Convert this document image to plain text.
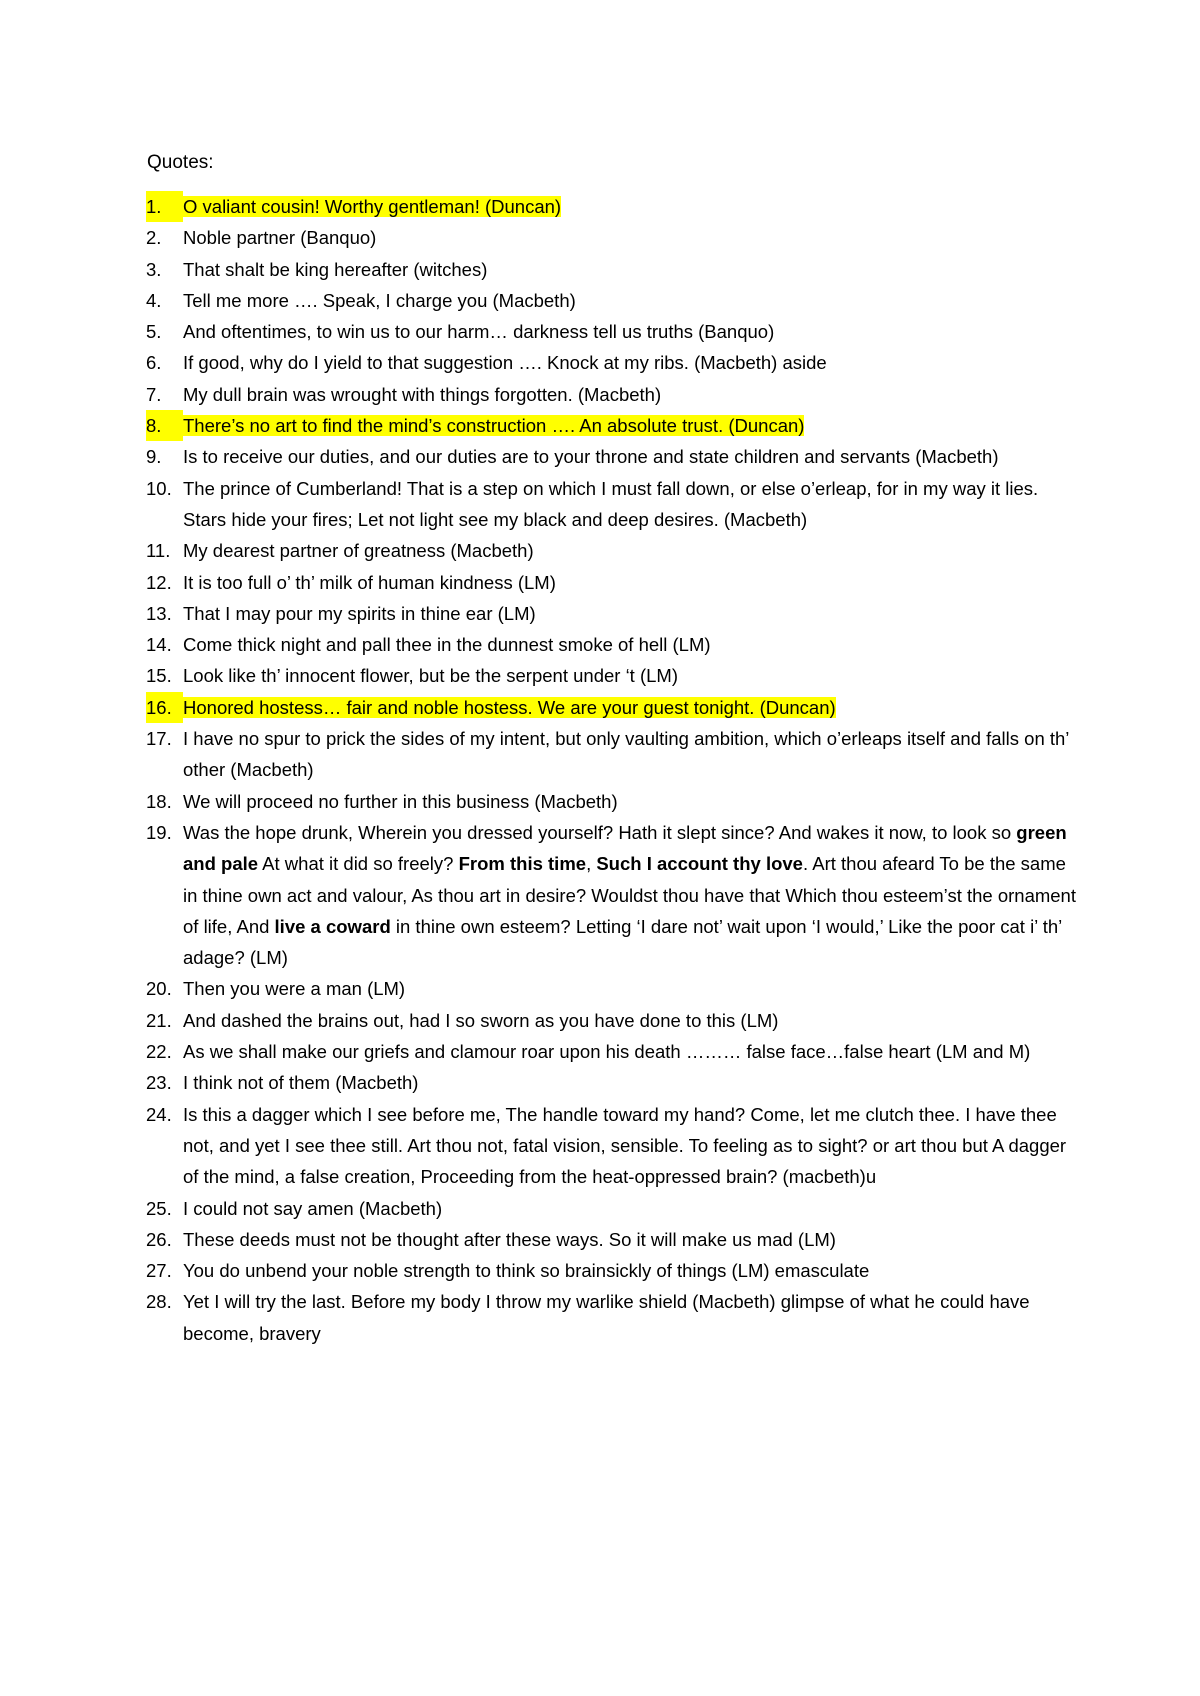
Quotes:
1.	O valiant cousin! Worthy gentleman! (Duncan)
2.	Noble partner (Banquo)
3.	That shalt be king hereafter (witches)
4.	Tell me more …. Speak, I charge you (Macbeth)
5.	And oftentimes, to win us to our harm… darkness tell us truths (Banquo)
6.	If good, why do I yield to that suggestion …. Knock at my ribs. (Macbeth) aside
7.	My dull brain was wrought with things forgotten. (Macbeth)
8.	There’s no art to find the mind’s construction …. An absolute trust. (Duncan)
9.	Is to receive our duties, and our duties are to your throne and state children and servants (Macbeth)
10. The prince of Cumberland! That is a step on which I must fall down, or else o’erleap, for in my way it lies. Stars hide your fires; Let not light see my black and deep desires. (Macbeth)
11. My dearest partner of greatness (Macbeth)
12. It is too full o’ th’ milk of human kindness (LM)
13. That I may pour my spirits in thine ear (LM)
14. Come thick night and pall thee in the dunnest smoke of hell (LM)
15. Look like th’ innocent flower, but be the serpent under ‘t (LM)
16. Honored hostess… fair and noble hostess. We are your guest tonight. (Duncan)
17. I have no spur to prick the sides of my intent, but only vaulting ambition, which o’erleaps itself and falls on th’ other (Macbeth)
18. We will proceed no further in this business (Macbeth)
19. Was the hope drunk, Wherein you dressed yourself? Hath it slept since? And wakes it now, to look so green and pale At what it did so freely? From this time, Such I account thy love. Art thou afeard To be the same in thine own act and valour, As thou art in desire? Wouldst thou have that Which thou esteem’st the ornament of life, And live a coward in thine own esteem? Letting ‘I dare not’ wait upon ‘I would,’ Like the poor cat i’ th’ adage? (LM)
20. Then you were a man (LM)
21. And dashed the brains out, had I so sworn as you have done to this (LM)
22. As we shall make our griefs and clamour roar upon his death ……… false face…false heart (LM and M)
23. I think not of them (Macbeth)
24. Is this a dagger which I see before me, The handle toward my hand? Come, let me clutch thee. I have thee not, and yet I see thee still. Art thou not, fatal vision, sensible. To feeling as to sight? or art thou but A dagger of the mind, a false creation, Proceeding from the heat-oppressed brain? (macbeth)u
25. I could not say amen (Macbeth)
26. These deeds must not be thought after these ways. So it will make us mad (LM)
27. You do unbend your noble strength to think so brainsickly of things (LM) emasculate
28. Yet I will try the last. Before my body I throw my warlike shield (Macbeth) glimpse of what he could have become, bravery
